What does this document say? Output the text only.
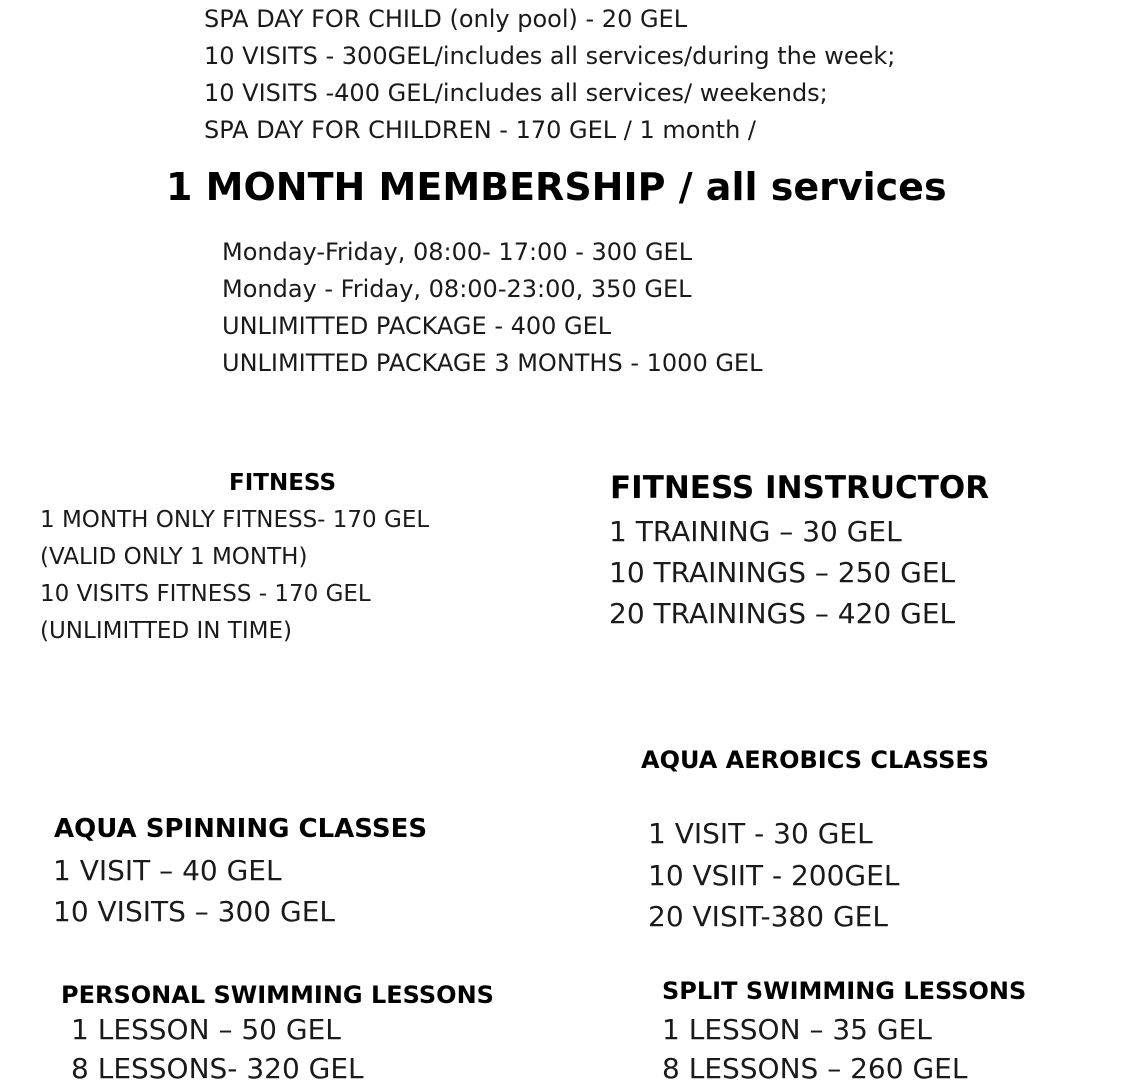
SPA DAY FOR CHILD (only pool) - 20 GEL

10 VISITS - 300GEL/includes all services/during the week;

10 VISITS -400 GEL/includes all services/ weekends;

SPA DAY FOR CHILDREN - 170 GEL / 1 month /

1 MONTH MEMBERSHIP / all services

Monday-Friday, 08:00- 17:00 - 300 GEL

Monday - Friday, 08:00-23:00, 350 GEL

UNLIMITTED PACKAGE - 400 GEL

UNLIMITTED PACKAGE 3 MONTHS - 1000 GEL

FITNESS

1 MONTH ONLY FITNESS- 170 GEL

(VALID ONLY 1 MONTH)

10 VISITS FITNESS - 170 GEL

(UNLIMITTED IN TIME)

FITNESS INSTRUCTOR

1 TRAINING – 30 GEL

10 TRAININGS – 250 GEL

20 TRAININGS – 420 GEL

AQUA AEROBICS CLASSES

1 VISIT - 30 GEL

10 VSIIT - 200GEL

20 VISIT-380 GEL

AQUA SPINNING CLASSES

1 VISIT – 40 GEL

10 VISITS – 300 GEL

PERSONAL SWIMMING LESSONS

1 LESSON – 50 GEL

8 LESSONS- 320 GEL

SPLIT SWIMMING LESSONS

1 LESSON – 35 GEL

8 LESSONS – 260 GEL
